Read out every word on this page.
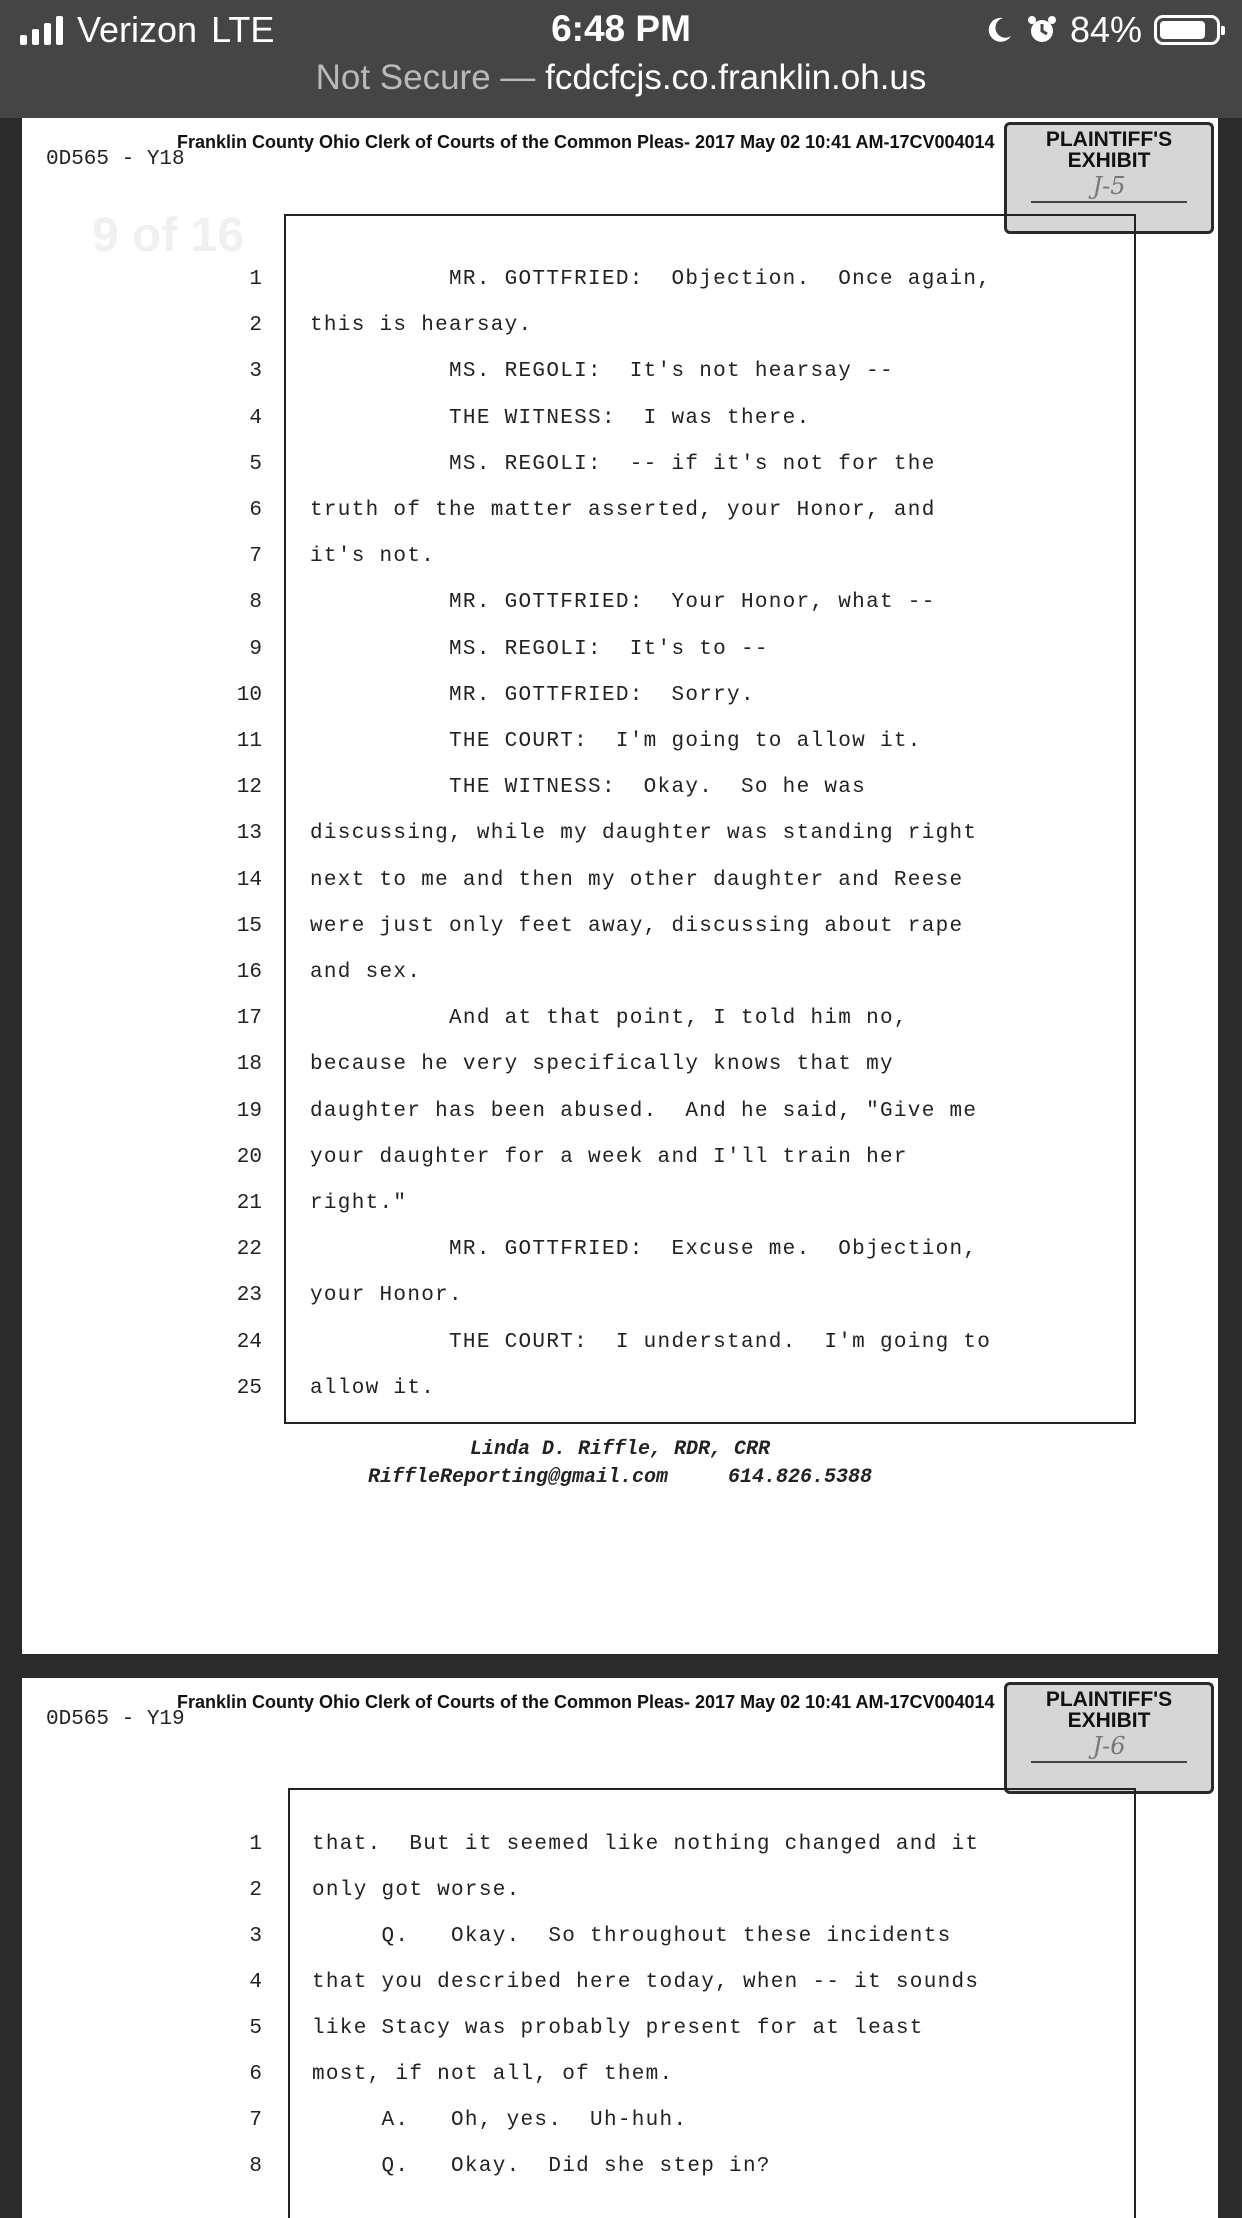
Verizon LTE	6:48 PM	84%
Not Secure — fcdcfcjs.co.franklin.oh.us
9 of 16
Franklin County Ohio Clerk of Courts of the Common Pleas- 2017 May 02 10:41 AM-17CV004014
0D565 - Y18
PLAINTIFF'S
EXHIBIT
J-5
1 MR. GOTTFRIED:  Objection.  Once again,
2 this is hearsay.
3 MS. REGOLI:  It's not hearsay --
4 THE WITNESS:  I was there.
5 MS. REGOLI:  -- if it's not for the
6 truth of the matter asserted, your Honor, and
7 it's not.
8 MR. GOTTFRIED:  Your Honor, what --
9 MS. REGOLI:  It's to --
10 MR. GOTTFRIED:  Sorry.
11 THE COURT:  I'm going to allow it.
12 THE WITNESS:  Okay.  So he was
13 discussing, while my daughter was standing right
14 next to me and then my other daughter and Reese
15 were just only feet away, discussing about rape
16 and sex.
17 And at that point, I told him no,
18 because he very specifically knows that my
19 daughter has been abused.  And he said, "Give me
20 your daughter for a week and I'll train her
21 right."
22 MR. GOTTFRIED:  Excuse me.  Objection,
23 your Honor.
24 THE COURT:  I understand.  I'm going to
25 allow it.
Linda D. Riffle, RDR, CRR
RiffleReporting@gmail.com	614.826.5388
Franklin County Ohio Clerk of Courts of the Common Pleas- 2017 May 02 10:41 AM-17CV004014
0D565 - Y19
PLAINTIFF'S
EXHIBIT
J-6
1 that.  But it seemed like nothing changed and it
2 only got worse.
3 Q.   Okay.  So throughout these incidents
4 that you described here today, when -- it sounds
5 like Stacy was probably present for at least
6 most, if not all, of them.
7 A.   Oh, yes.  Uh-huh.
8 Q.   Okay.  Did she step in?
